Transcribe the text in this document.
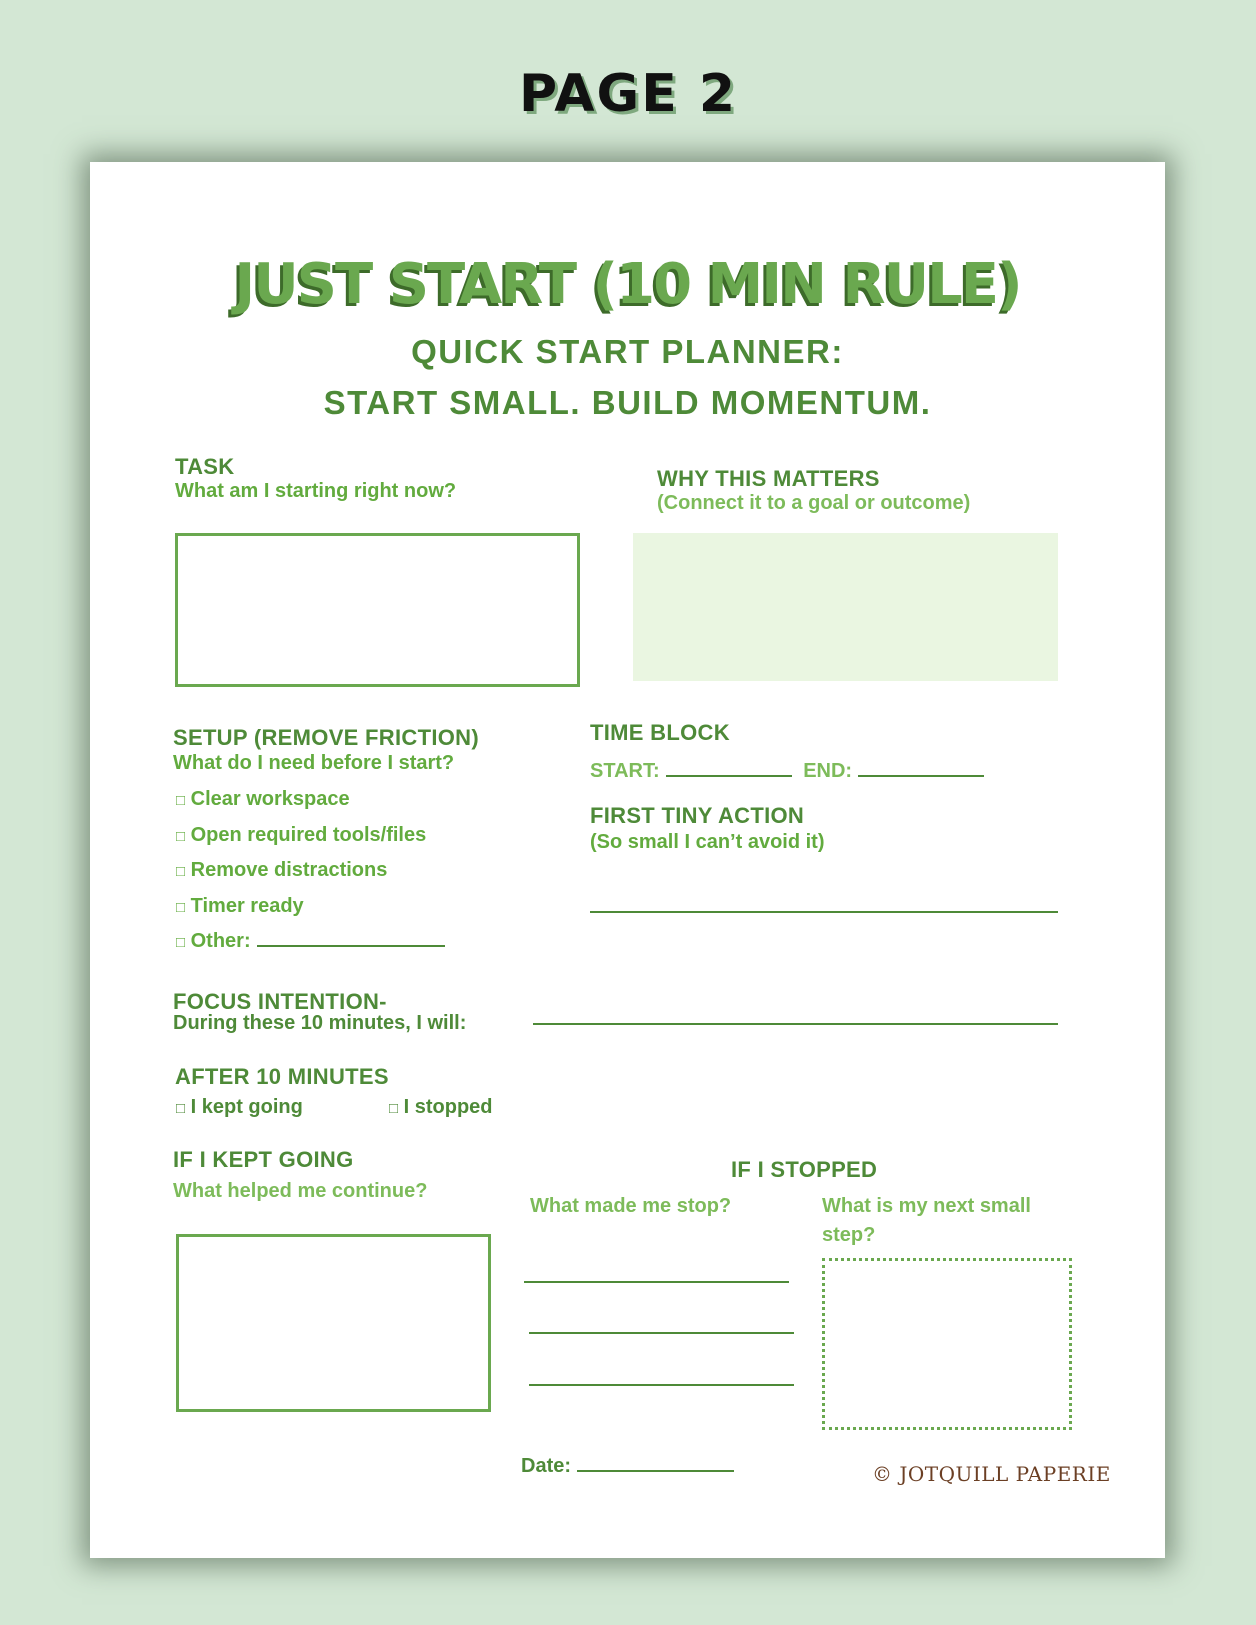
PAGE 2
JUST START (10 MIN RULE)
QUICK START PLANNER:
START SMALL. BUILD MOMENTUM.
TASK
What am I starting right now?	WHY THIS MATTERS
(Connect it to a goal or outcome)
SETUP (REMOVE FRICTION)
What do I need before I start?
□ Clear workspace
□ Open required tools/files
□ Remove distractions
□ Timer ready
□ Other:
TIME BLOCK
START:	END:
FIRST TINY ACTION
(So small I can’t avoid it)
FOCUS INTENTION-
During these 10 minutes, I will:
AFTER 10 MINUTES
□ I kept going	□ I stopped
IF I KEPT GOING
What helped me continue?
IF I STOPPED
What made me stop?	What is my next small
step?
Date:	© JOTQUILL PAPERIE
